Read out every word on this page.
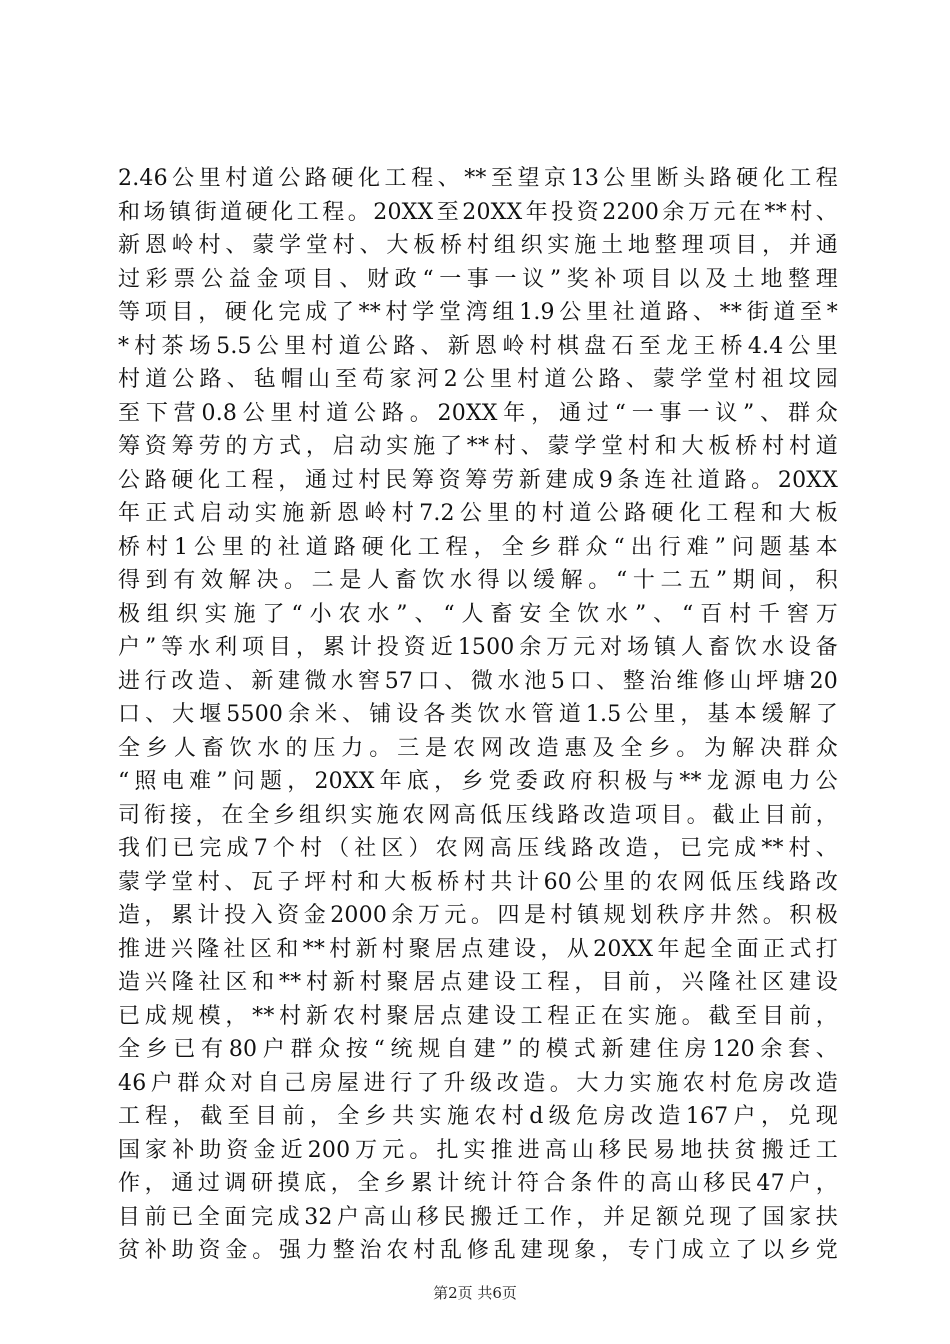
2.46公里村道公路硬化工程、**至望京13公里断头路硬化工程
和场镇街道硬化工程。20XX至20XX年投资2200余万元在**村、
新恩岭村、蒙学堂村、大板桥村组织实施土地整理项目，并通
过彩票公益金项目、财政“一事一议”奖补项目以及土地整理
等项目，硬化完成了**村学堂湾组1.9公里社道路、**街道至*
*村茶场5.5公里村道公路、新恩岭村棋盘石至龙王桥4.4公里
村道公路、毡帽山至苟家河2公里村道公路、蒙学堂村祖坟园
至下营0.8公里村道公路。20XX年，通过“一事一议”、群众
筹资筹劳的方式，启动实施了**村、蒙学堂村和大板桥村村道
公路硬化工程，通过村民筹资筹劳新建成9条连社道路。20XX
年正式启动实施新恩岭村7.2公里的村道公路硬化工程和大板
桥村1公里的社道路硬化工程，全乡群众“出行难”问题基本
得到有效解决。二是人畜饮水得以缓解。“十二五”期间，积
极组织实施了“小农水”、“人畜安全饮水”、“百村千窖万
户”等水利项目，累计投资近1500余万元对场镇人畜饮水设备
进行改造、新建微水窖57口、微水池5口、整治维修山坪塘20
口、大堰5500余米、铺设各类饮水管道1.5公里，基本缓解了
全乡人畜饮水的压力。三是农网改造惠及全乡。为解决群众
“照电难”问题，20XX年底，乡党委政府积极与**龙源电力公
司衔接，在全乡组织实施农网高低压线路改造项目。截止目前，
我们已完成7个村（社区）农网高压线路改造，已完成**村、
蒙学堂村、瓦子坪村和大板桥村共计60公里的农网低压线路改
造，累计投入资金2000余万元。四是村镇规划秩序井然。积极
推进兴隆社区和**村新村聚居点建设，从20XX年起全面正式打
造兴隆社区和**村新村聚居点建设工程，目前，兴隆社区建设
已成规模，**村新农村聚居点建设工程正在实施。截至目前，
全乡已有80户群众按“统规自建”的模式新建住房120余套、
46户群众对自己房屋进行了升级改造。大力实施农村危房改造
工程，截至目前，全乡共实施农村d级危房改造167户，兑现
国家补助资金近200万元。扎实推进高山移民易地扶贫搬迁工
作，通过调研摸底，全乡累计统计符合条件的高山移民47户，
目前已全面完成32户高山移民搬迁工作，并足额兑现了国家扶
贫补助资金。强力整治农村乱修乱建现象，专门成立了以乡党
第2页 共6页
